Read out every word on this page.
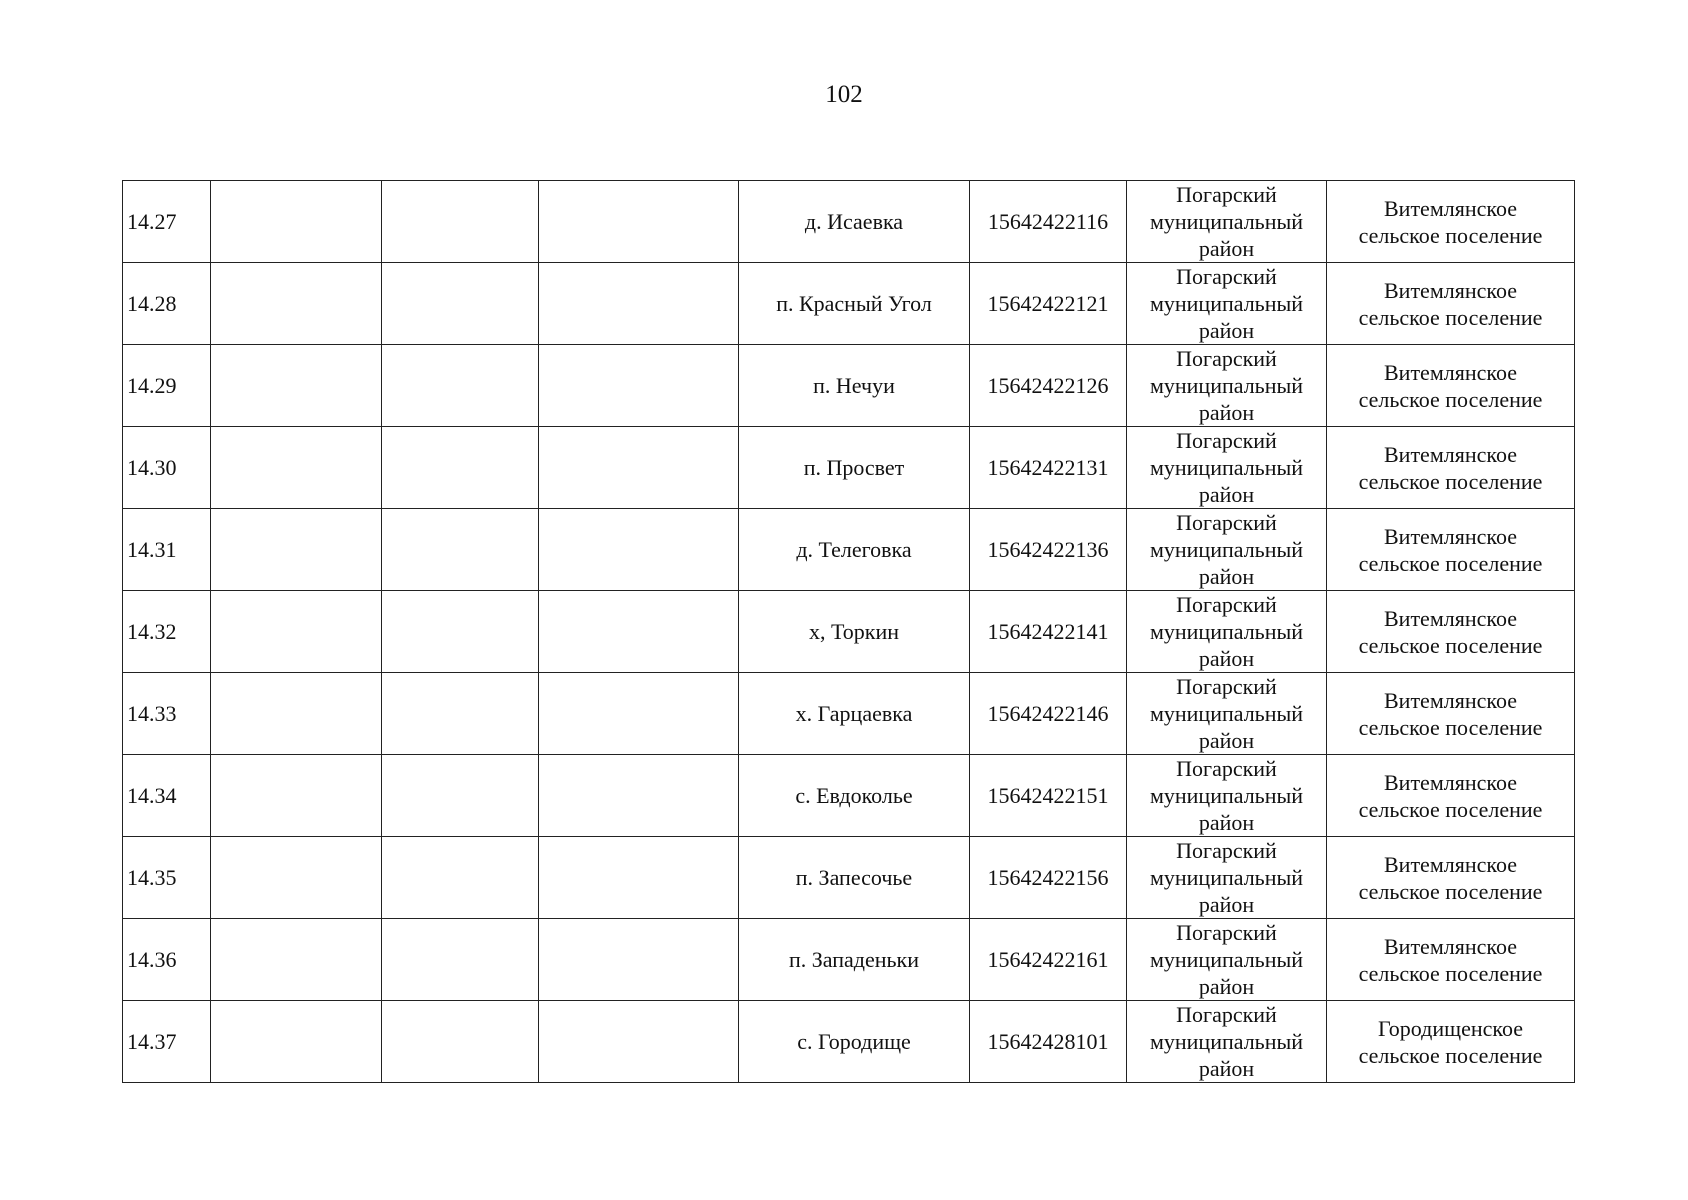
102
14.27				д. Исаевка	15642422116	Погарский
муниципальный
район	Витемлянское
сельское поселение

14.28				п. Красный Угол	15642422121	Погарский
муниципальный
район	Витемлянское
сельское поселение

14.29				п. Нечуи	15642422126	Погарский
муниципальный
район	Витемлянское
сельское поселение

14.30				п. Просвет	15642422131	Погарский
муниципальный
район	Витемлянское
сельское поселение

14.31				д. Телеговка	15642422136	Погарский
муниципальный
район	Витемлянское
сельское поселение

14.32				х, Торкин	15642422141	Погарский
муниципальный
район	Витемлянское
сельское поселение

14.33				х. Гарцаевка	15642422146	Погарский
муниципальный
район	Витемлянское
сельское поселение

14.34				с. Евдоколье	15642422151	Погарский
муниципальный
район	Витемлянское
сельское поселение

14.35				п. Запесочье	15642422156	Погарский
муниципальный
район	Витемлянское
сельское поселение

14.36				п. Западеньки	15642422161	Погарский
муниципальный
район	Витемлянское
сельское поселение

14.37				с. Городище	15642428101	Погарский
муниципальный
район	Городищенское
сельское поселение
